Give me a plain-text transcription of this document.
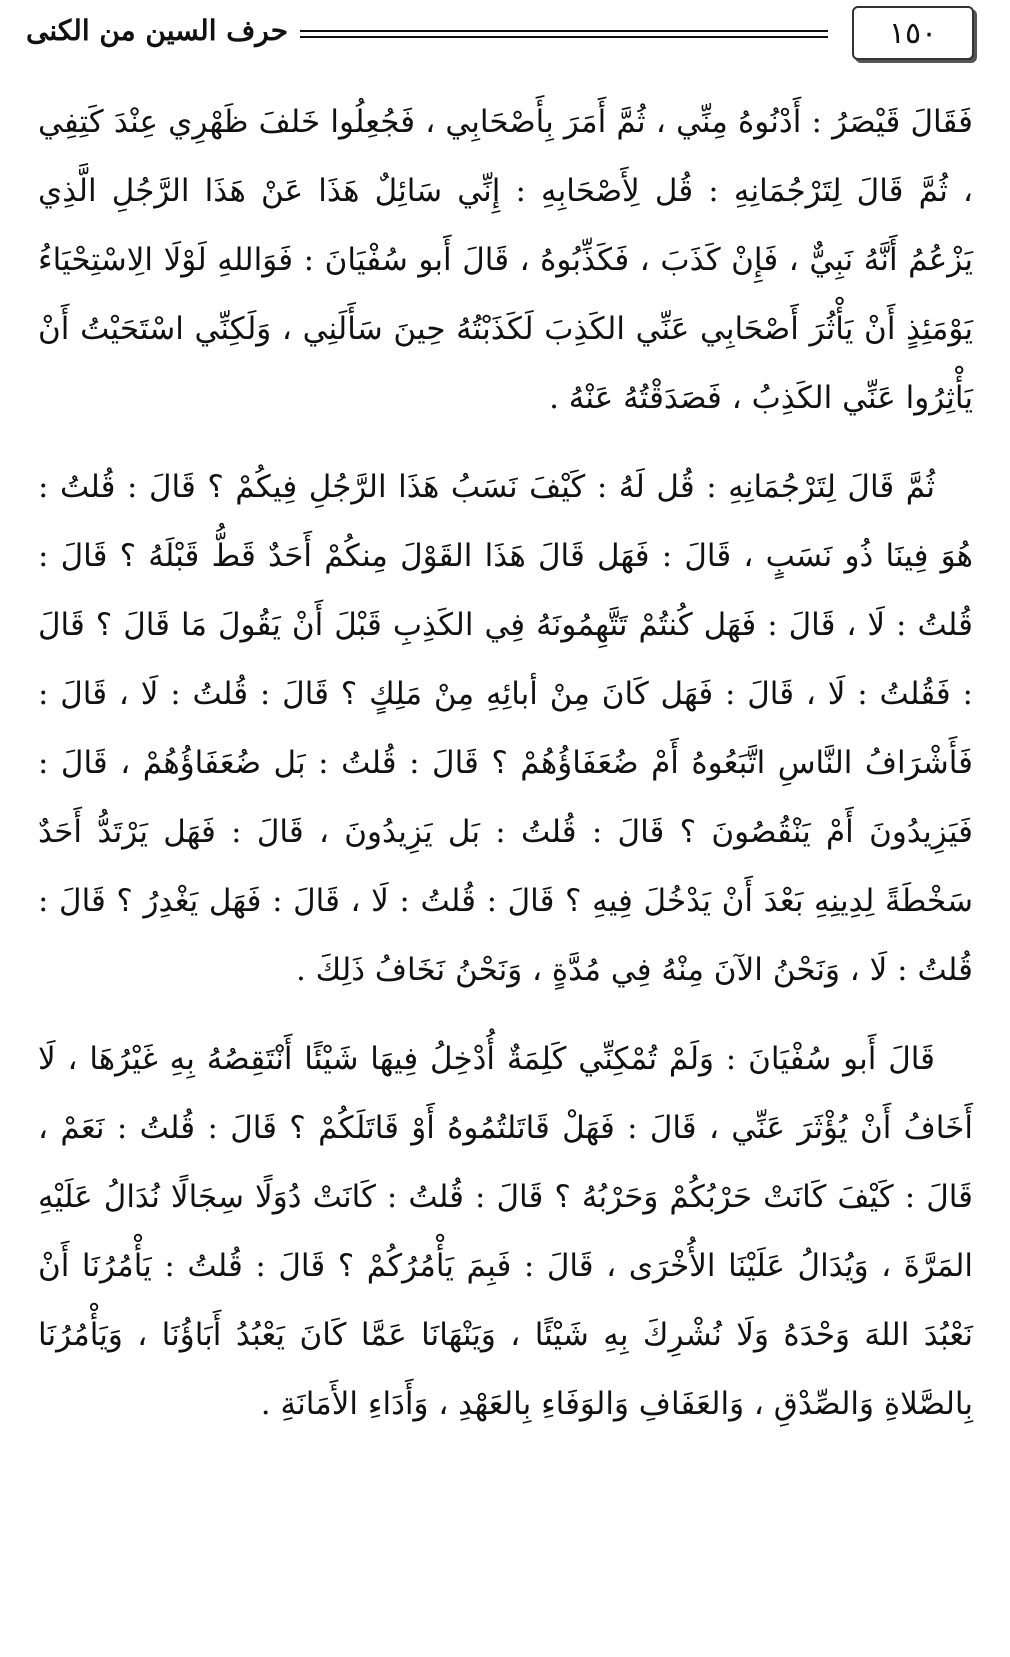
١٥٠
حرف السين من الكنى

فَقَالَ قَيْصَرُ : أَدْنُوهُ مِنِّي ، ثُمَّ أَمَرَ بِأَصْحَابِي ، فَجُعِلُوا خَلفَ ظَهْرِي عِنْدَ كَتِفِي ، ثُمَّ قَالَ لِتَرْجُمَانِهِ : قُل لِأَصْحَابِهِ : إِنِّي سَائِلٌ هَذَا عَنْ هَذَا الرَّجُلِ الَّذِي يَزْعُمُ أَنَّهُ نَبِيٌّ ، فَإِنْ كَذَبَ ، فَكَذِّبُوهُ ، قَالَ أَبو سُفْيَانَ : فَوَاللهِ لَوْلَا الِاسْتِحْيَاءُ يَوْمَئِذٍ أَنْ يَأْثُرَ أَصْحَابِي عَنِّي الكَذِبَ لَكَذَبْتُهُ حِينَ سَأَلَنِي ، وَلَكِنِّي اسْتَحَيْتُ أَنْ يَأْثِرُوا عَنِّي الكَذِبُ ، فَصَدَقْتُهُ عَنْهُ .

ثُمَّ قَالَ لِتَرْجُمَانِهِ : قُل لَهُ : كَيْفَ نَسَبُ هَذَا الرَّجُلِ فِيكُمْ ؟ قَالَ : قُلتُ : هُوَ فِينَا ذُو نَسَبٍ ، قَالَ : فَهَل قَالَ هَذَا القَوْلَ مِنكُمْ أَحَدٌ قَطُّ قَبْلَهُ ؟ قَالَ : قُلتُ : لَا ، قَالَ : فَهَل كُنتُمْ تَتَّهِمُونَهُ فِي الكَذِبِ قَبْلَ أَنْ يَقُولَ مَا قَالَ ؟ قَالَ : فَقُلتُ : لَا ، قَالَ : فَهَل كَانَ مِنْ أبائِهِ مِنْ مَلِكٍ ؟ قَالَ : قُلتُ : لَا ، قَالَ : فَأَشْرَافُ النَّاسِ اتَّبَعُوهُ أَمْ ضُعَفَاؤُهُمْ ؟ قَالَ : قُلتُ : بَل ضُعَفَاؤُهُمْ ، قَالَ : فَيَزِيدُونَ أَمْ يَنْقُصُونَ ؟ قَالَ : قُلتُ : بَل يَزِيدُونَ ، قَالَ : فَهَل يَرْتَدُّ أَحَدٌ سَخْطَةً لِدِينِهِ بَعْدَ أَنْ يَدْخُلَ فِيهِ ؟ قَالَ : قُلتُ : لَا ، قَالَ : فَهَل يَغْدِرُ ؟ قَالَ : قُلتُ : لَا ، وَنَحْنُ الآنَ مِنْهُ فِي مُدَّةٍ ، وَنَحْنُ نَخَافُ ذَلِكَ .

قَالَ أَبو سُفْيَانَ : وَلَمْ تُمْكِنِّي كَلِمَةٌ أُدْخِلُ فِيهَا شَيْئًا أَنْتَقِصُهُ بِهِ غَيْرُهَا ، لَا أَخَافُ أَنْ يُؤْثَرَ عَنِّي ، قَالَ : فَهَلْ قَاتَلتُمُوهُ أَوْ قَاتَلَكُمْ ؟ قَالَ : قُلتُ : نَعَمْ ، قَالَ : كَيْفَ كَانَتْ حَرْبُكُمْ وَحَرْبُهُ ؟ قَالَ : قُلتُ : كَانَتْ دُوَلًا سِجَالًا نُدَالُ عَلَيْهِ المَرَّةَ ، وَيُدَالُ عَلَيْنَا الأُخْرَى ، قَالَ : فَبِمَ يَأْمُرُكُمْ ؟ قَالَ : قُلتُ : يَأْمُرُنَا أَنْ نَعْبُدَ اللهَ وَحْدَهُ وَلَا نُشْرِكَ بِهِ شَيْئًا ، وَيَنْهَانَا عَمَّا كَانَ يَعْبُدُ أَبَاؤُنَا ، وَيَأْمُرُنَا بِالصَّلاةِ وَالصِّدْقِ ، وَالعَفَافِ وَالوَفَاءِ بِالعَهْدِ ، وَأَدَاءِ الأَمَانَةِ .
